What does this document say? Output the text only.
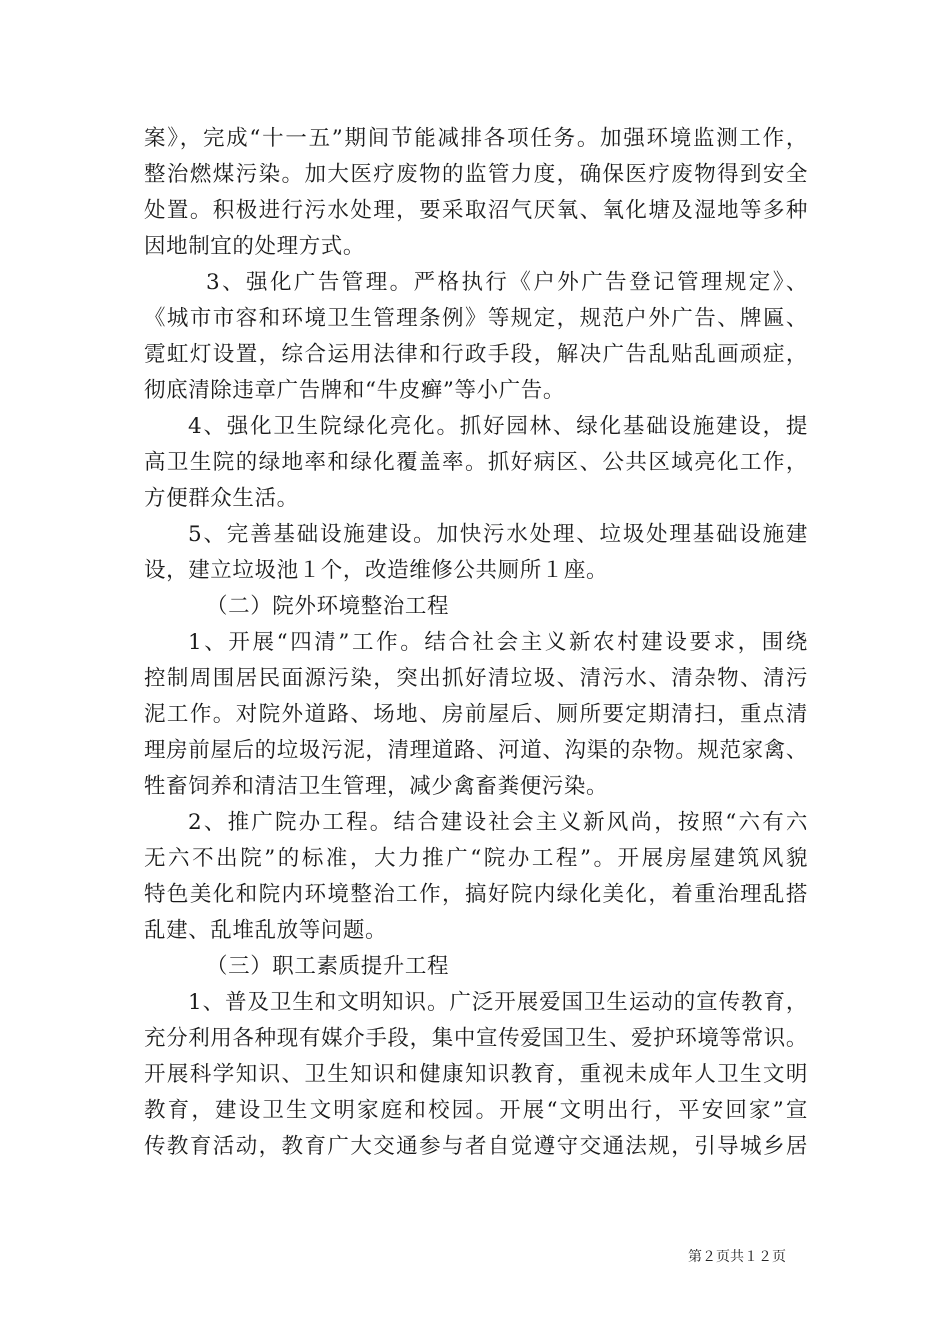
案》，完成“十一五”期间节能减排各项任务。加强环境监测工作，
整治燃煤污染。加大医疗废物的监管力度，确保医疗废物得到安全
处置。积极进行污水处理，要采取沼气厌氧、氧化塘及湿地等多种
因地制宜的处理方式。
3、强化广告管理。严格执行《户外广告登记管理规定》、
《城市市容和环境卫生管理条例》等规定，规范户外广告、牌匾、
霓虹灯设置，综合运用法律和行政手段，解决广告乱贴乱画顽症，
彻底清除违章广告牌和“牛皮癣”等小广告。
4、强化卫生院绿化亮化。抓好园林、绿化基础设施建设，提
高卫生院的绿地率和绿化覆盖率。抓好病区、公共区域亮化工作，
方便群众生活。
5、完善基础设施建设。加快污水处理、垃圾处理基础设施建
设，建立垃圾池１个，改造维修公共厕所１座。
（二）院外环境整治工程
1、开展“四清”工作。结合社会主义新农村建设要求，围绕
控制周围居民面源污染，突出抓好清垃圾、清污水、清杂物、清污
泥工作。对院外道路、场地、房前屋后、厕所要定期清扫，重点清
理房前屋后的垃圾污泥，清理道路、河道、沟渠的杂物。规范家禽、
牲畜饲养和清洁卫生管理，减少禽畜粪便污染。
2、推广院办工程。结合建设社会主义新风尚，按照“六有六
无六不出院”的标准，大力推广“院办工程”。开展房屋建筑风貌
特色美化和院内环境整治工作，搞好院内绿化美化，着重治理乱搭
乱建、乱堆乱放等问题。
（三）职工素质提升工程
1、普及卫生和文明知识。广泛开展爱国卫生运动的宣传教育，
充分利用各种现有媒介手段，集中宣传爱国卫生、爱护环境等常识。
开展科学知识、卫生知识和健康知识教育，重视未成年人卫生文明
教育，建设卫生文明家庭和校园。开展“文明出行，平安回家”宣
传教育活动，教育广大交通参与者自觉遵守交通法规，引导城乡居
第２页共１２页
